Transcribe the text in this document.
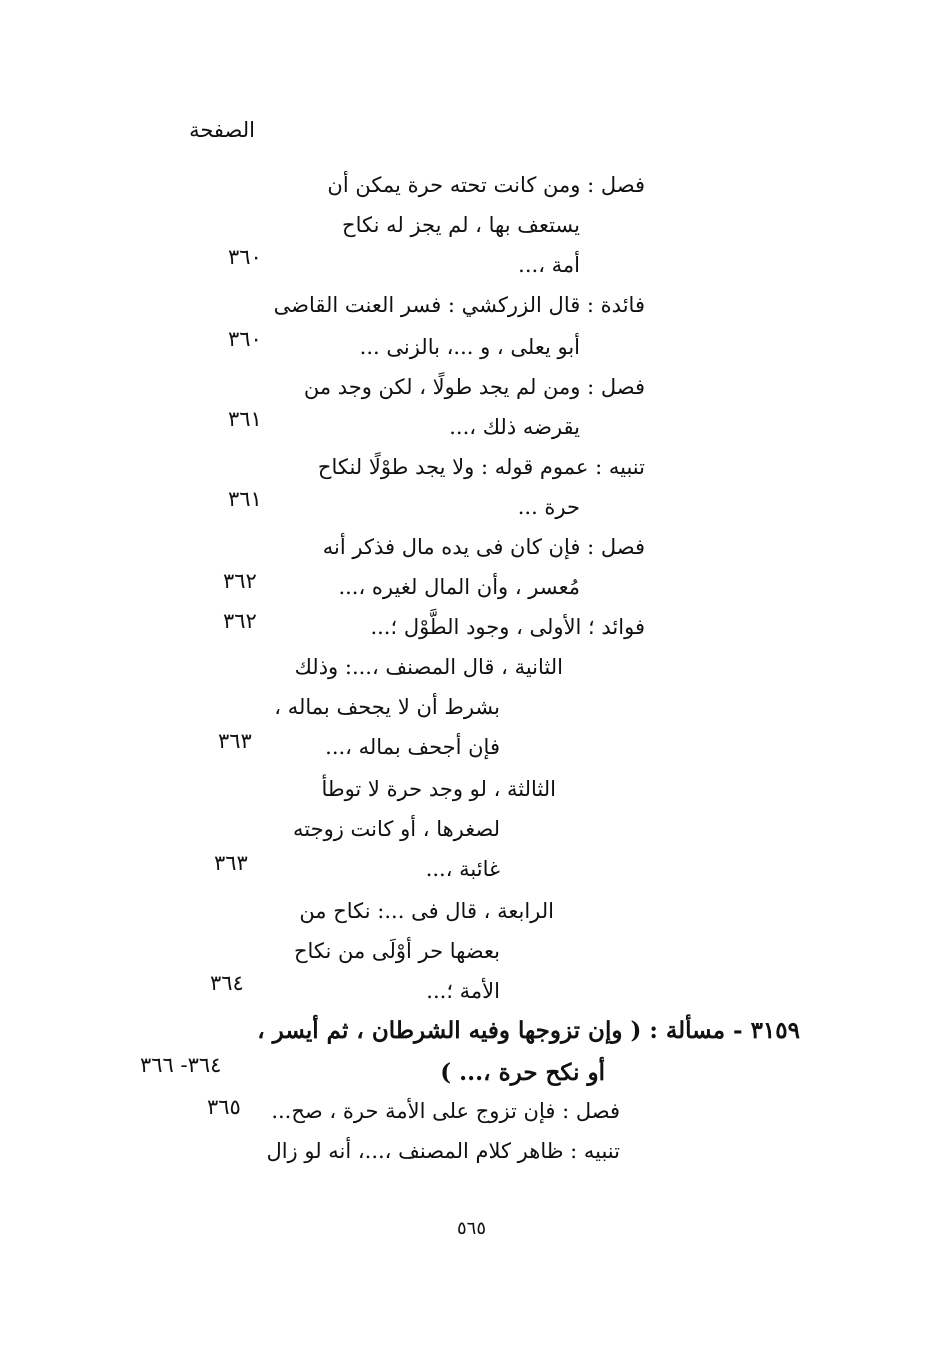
الصفحة
فصل : ومن كانت تحته حرة يمكن أن
يستعف بها ، لم يجز له نكاح
أمة ،...
٣٦٠
فائدة : قال الزركشي : فسر العنت القاضى
أبو يعلى ، و ...، بالزنى ...
٣٦٠
فصل : ومن لم يجد طولًا ، لكن وجد من
يقرضه ذلك ،...
٣٦١
تنبيه : عموم قوله : ولا يجد طوْلًا لنكاح
حرة ...
٣٦١
فصل : فإن كان فى يده مال فذكر أنه
مُعسر ، وأن المال لغيره ،...
٣٦٢
فوائد ؛ الأولى ، وجود الطَّوْل ؛...
٣٦٢
الثانية ، قال المصنف ،...: وذلك
بشرط أن لا يجحف بماله ،
فإن أجحف بماله ،...
٣٦٣
الثالثة ، لو وجد حرة لا توطأ
لصغرها ، أو كانت زوجته
غائبة ،...
٣٦٣
الرابعة ، قال فى ...: نكاح من
بعضها حر أوْلَى من نكاح
الأمة ؛...
٣٦٤
٣١٥٩ - مسألة : ( وإن تزوجها وفيه الشرطان ، ثم أيسر ،
أو نكح حرة ،... )
٣٦٤- ٣٦٦
فصل : فإن تزوج على الأمة حرة ، صح...
٣٦٥
تنبيه : ظاهر كلام المصنف ،...، أنه لو زال
٥٦٥
